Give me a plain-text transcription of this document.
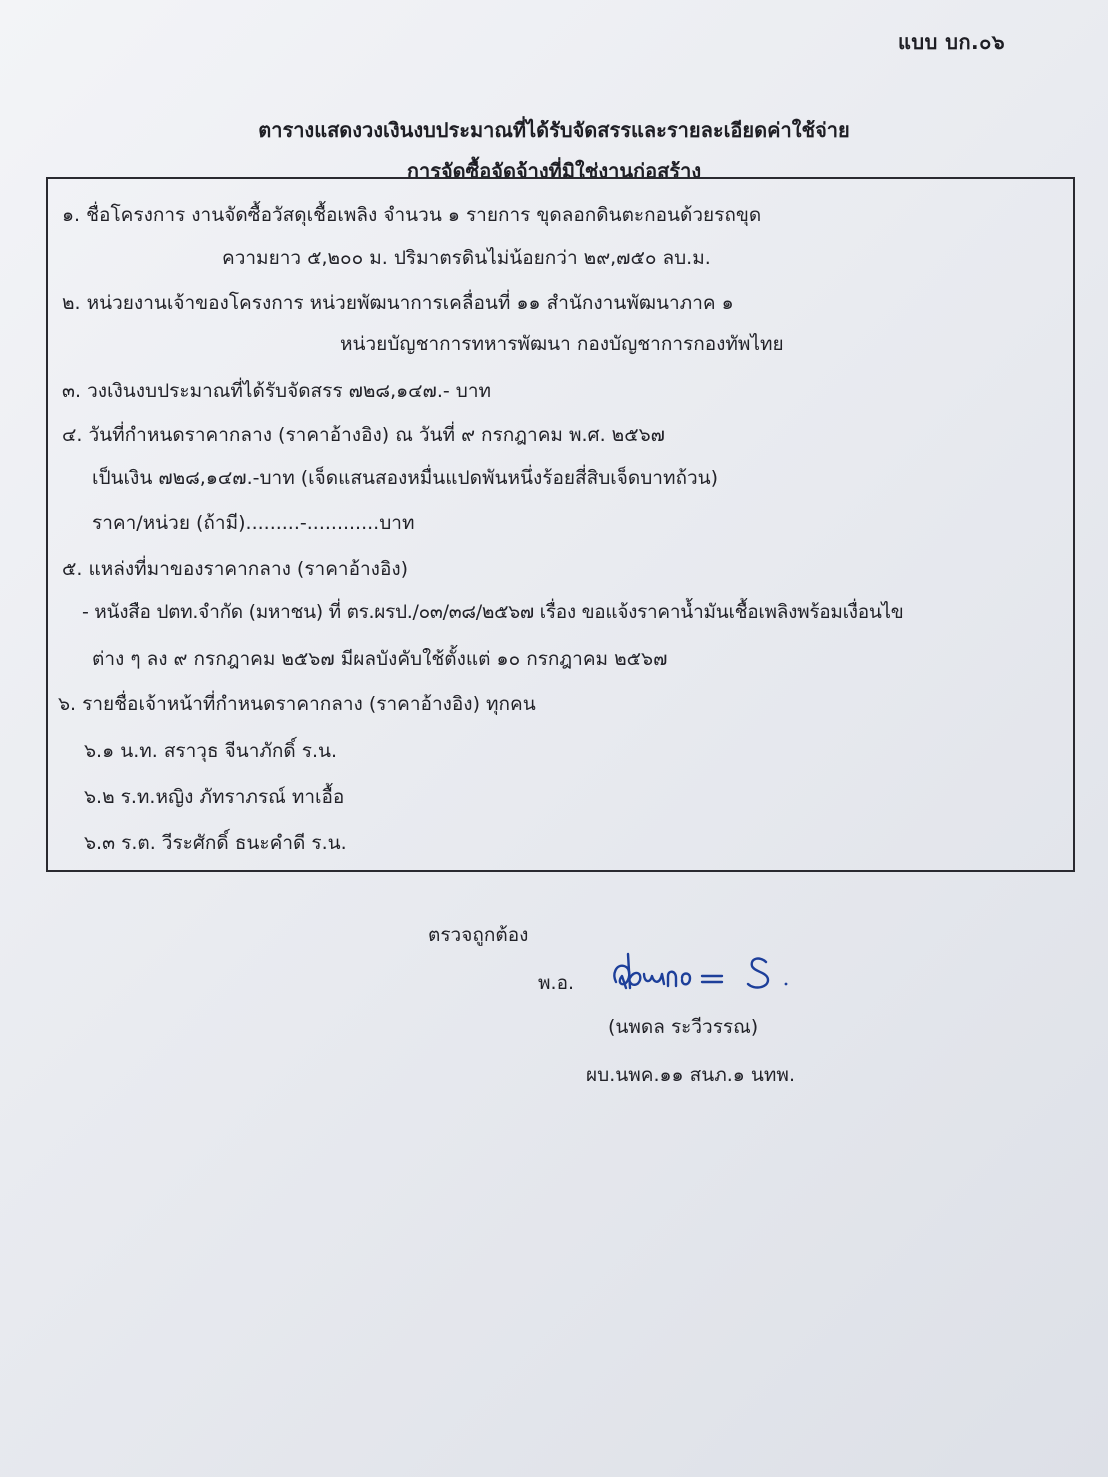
แบบ บก.๐๖
ตารางแสดงวงเงินงบประมาณที่ได้รับจัดสรรและรายละเอียดค่าใช้จ่าย
การจัดซื้อจัดจ้างที่มิใช่งานก่อสร้าง
๑. ชื่อโครงการ งานจัดซื้อวัสดุเชื้อเพลิง จำนวน ๑ รายการ ขุดลอกดินตะกอนด้วยรถขุด
ความยาว ๕,๒๐๐ ม. ปริมาตรดินไม่น้อยกว่า ๒๙,๗๕๐ ลบ.ม.
๒. หน่วยงานเจ้าของโครงการ หน่วยพัฒนาการเคลื่อนที่ ๑๑ สำนักงานพัฒนาภาค ๑
หน่วยบัญชาการทหารพัฒนา กองบัญชาการกองทัพไทย
๓. วงเงินงบประมาณที่ได้รับจัดสรร ๗๒๘,๑๔๗.- บาท
๔. วันที่กำหนดราคากลาง (ราคาอ้างอิง) ณ วันที่ ๙ กรกฎาคม พ.ศ. ๒๕๖๗
เป็นเงิน ๗๒๘,๑๔๗.-บาท (เจ็ดแสนสองหมื่นแปดพันหนึ่งร้อยสี่สิบเจ็ดบาทถ้วน)
ราคา/หน่วย (ถ้ามี).........-............บาท
๕. แหล่งที่มาของราคากลาง (ราคาอ้างอิง)
- หนังสือ ปตท.จำกัด (มหาชน) ที่ ตร.ผรป./๐๓/๓๘/๒๕๖๗ เรื่อง ขอแจ้งราคาน้ำมันเชื้อเพลิงพร้อมเงื่อนไข
ต่าง ๆ ลง ๙ กรกฎาคม ๒๕๖๗ มีผลบังคับใช้ตั้งแต่ ๑๐ กรกฎาคม ๒๕๖๗
๖. รายชื่อเจ้าหน้าที่กำหนดราคากลาง (ราคาอ้างอิง) ทุกคน
๖.๑ น.ท. สราวุธ จีนาภักดิ์ ร.น.
๖.๒ ร.ท.หญิง ภัทราภรณ์ ทาเอื้อ
๖.๓ ร.ต. วีระศักดิ์ ธนะคำดี ร.น.
ตรวจถูกต้อง
พ.อ.
(นพดล ระวีวรรณ)
ผบ.นพค.๑๑ สนภ.๑ นทพ.
